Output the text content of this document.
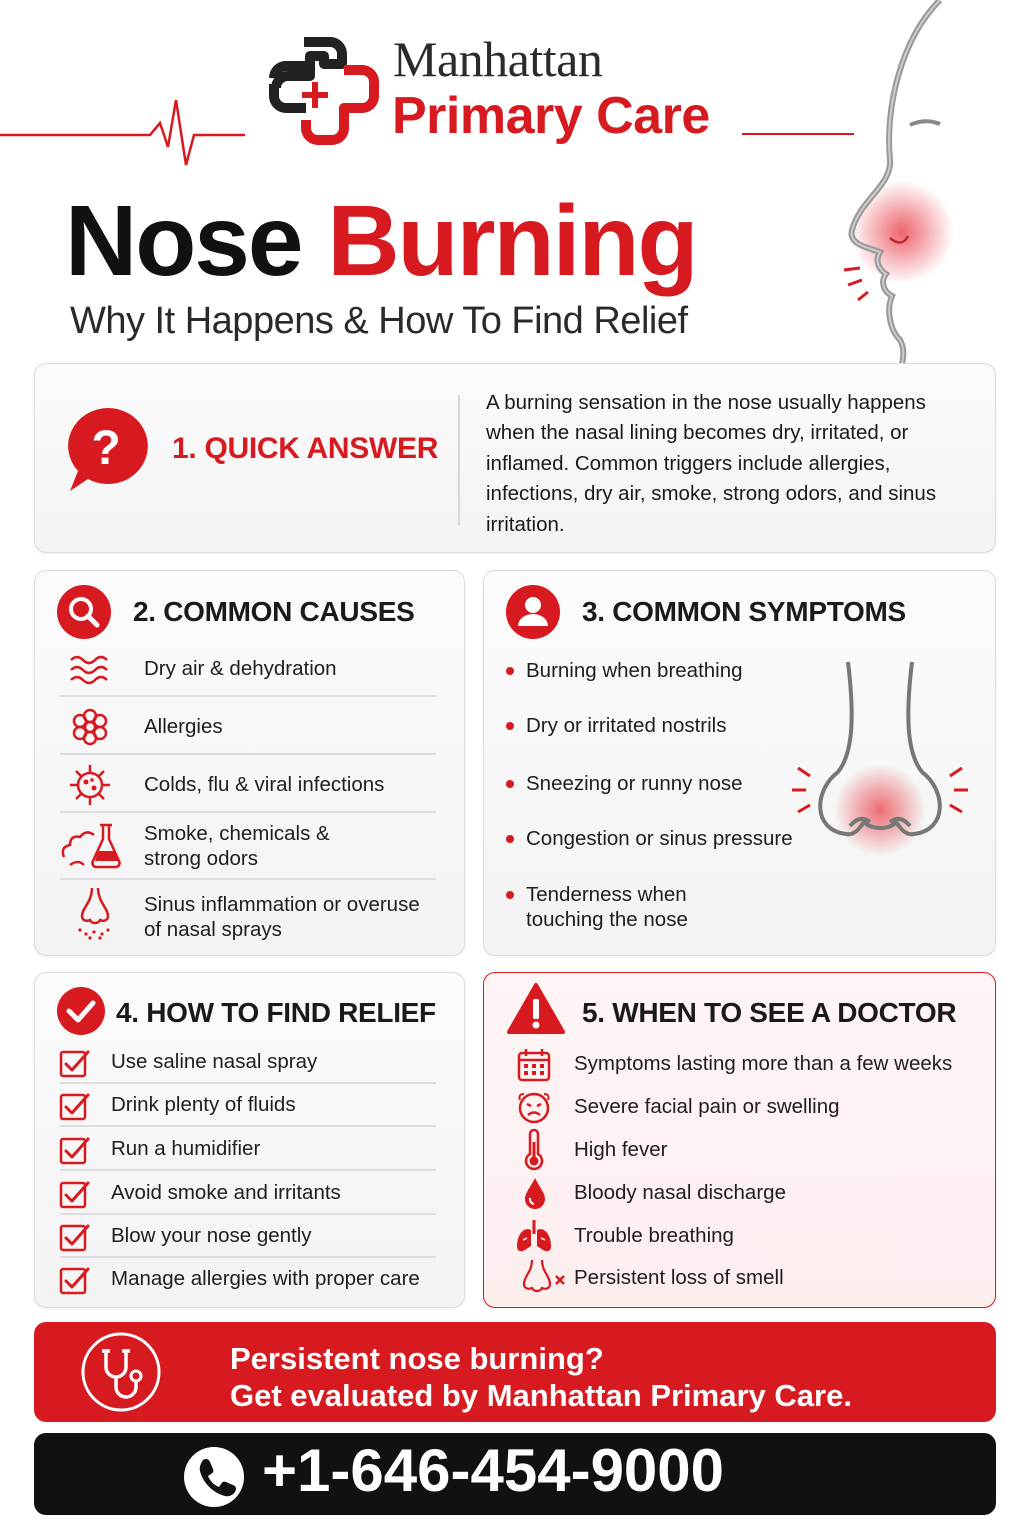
Manhattan
Primary Care
Nose Burning
Why It Happens & How To Find Relief
? 1. QUICK ANSWER
A burning sensation in the nose usually happens when the nasal lining becomes dry, irritated, or inflamed. Common triggers include allergies, infections, dry air, smoke, strong odors, and sinus irritation.
2. COMMON CAUSES
Dry air & dehydration
Allergies
Colds, flu & viral infections
Smoke, chemicals &
strong odors
Sinus inflammation or overuse
of nasal sprays
3. COMMON SYMPTOMS
Burning when breathing
Dry or irritated nostrils
Sneezing or runny nose
Congestion or sinus pressure
Tenderness when
touching the nose
4. HOW TO FIND RELIEF
Use saline nasal spray
Drink plenty of fluids
Run a humidifier
Avoid smoke and irritants
Blow your nose gently
Manage allergies with proper care
5. WHEN TO SEE A DOCTOR
Symptoms lasting more than a few weeks
Severe facial pain or swelling
High fever
Bloody nasal discharge
Trouble breathing
Persistent loss of smell
Persistent nose burning?
Get evaluated by Manhattan Primary Care.
+1-646-454-9000
